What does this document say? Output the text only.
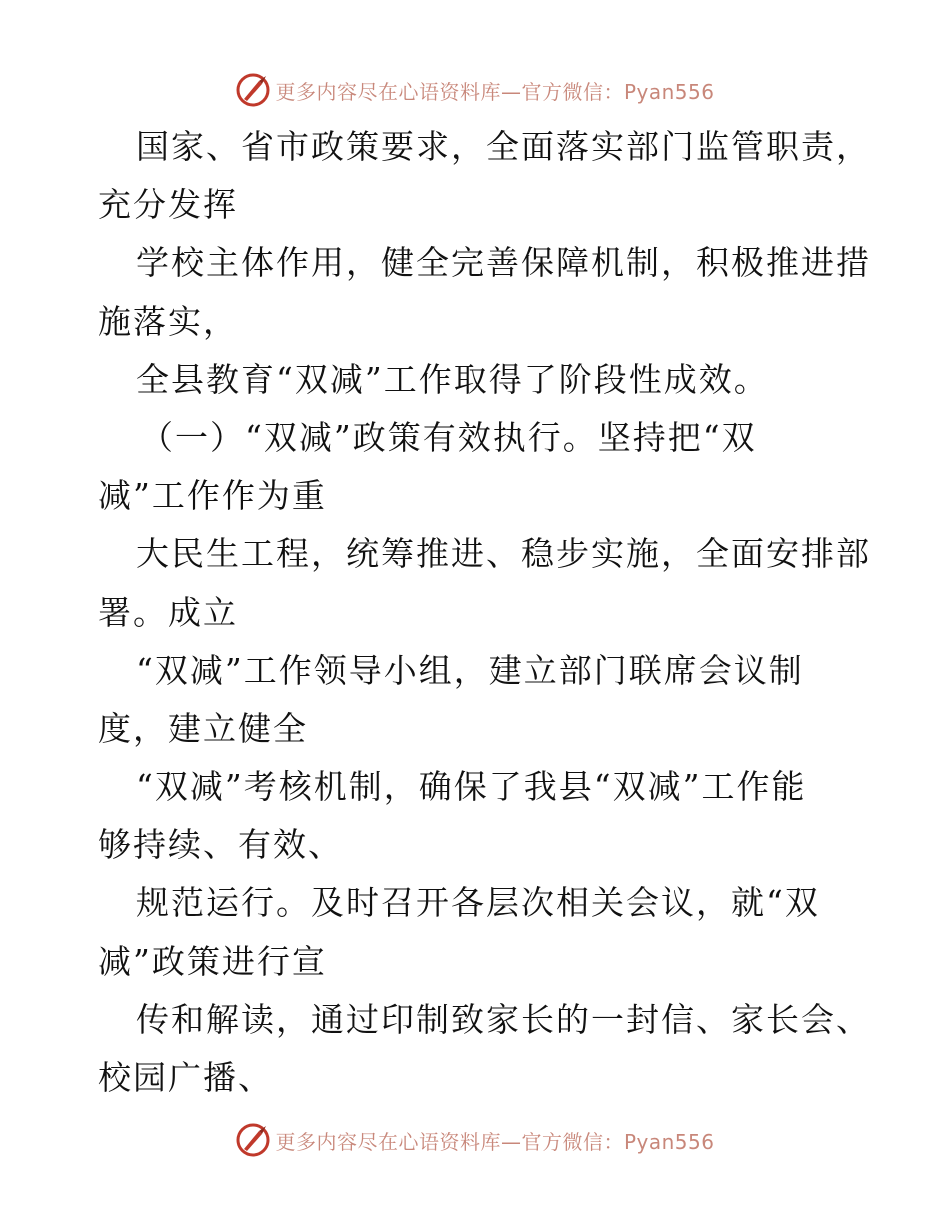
更多内容尽在心语资料库—官方微信：Pyan556
国家、省市政策要求，全面落实部门监管职责，
充分发挥
学校主体作用，健全完善保障机制，积极推进措
施落实，
全县教育“双减”工作取得了阶段性成效。
（一）“双减”政策有效执行。坚持把“双
减”工作作为重
大民生工程，统筹推进、稳步实施，全面安排部
署。成立
“双减”工作领导小组，建立部门联席会议制
度，建立健全
“双减”考核机制，确保了我县“双减”工作能
够持续、有效、
规范运行。及时召开各层次相关会议，就“双
减”政策进行宣
传和解读，通过印制致家长的一封信、家长会、
校园广播、
更多内容尽在心语资料库—官方微信：Pyan556
